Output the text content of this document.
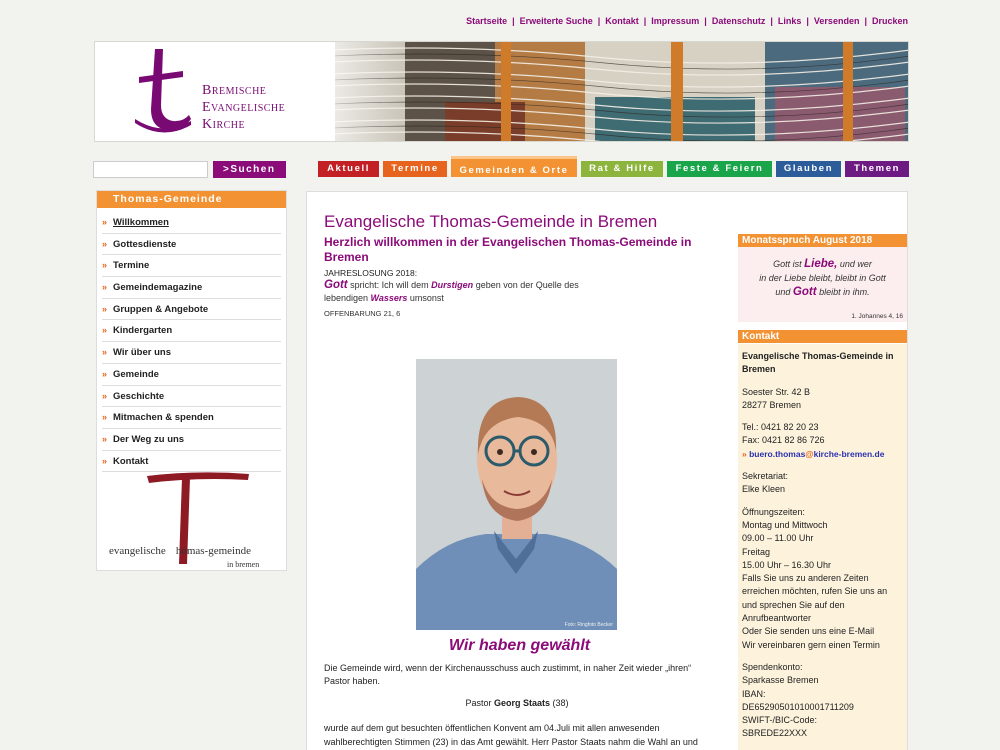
Startseite | Erweiterte Suche | Kontakt | Impressum | Datenschutz | Links | Versenden | Drucken
Bremische
Evangelische
Kirche
>Suchen	Aktuell	Termine	Gemeinden & Orte	Rat & Hilfe	Feste & Feiern	Glauben	Themen
Thomas-Gemeinde
» Willkommen
» Gottesdienste
» Termine
» Gemeindemagazine
» Gruppen & Angebote
» Kindergarten
» Wir über uns
» Gemeinde
» Geschichte
» Mitmachen & spenden
» Der Weg zu uns
» Kontakt
evangelische homas-gemeinde
in bremen
Evangelische Thomas-Gemeinde in Bremen
Herzlich willkommen in der Evangelischen Thomas-Gemeinde in Bremen
JAHRESLOSUNG 2018:
Gott spricht: Ich will dem Durstigen geben von der Quelle des lebendigen Wassers umsonst
OFFENBARUNG 21, 6
Foto: Ringfoto Becker
Wir haben gewählt
Die Gemeinde wird, wenn der Kirchenausschuss auch zustimmt, in naher Zeit wieder „ihren“ Pastor haben.
Pastor Georg Staats (38)
wurde auf dem gut besuchten öffentlichen Konvent am 04.Juli mit allen anwesenden wahlberechtigten Stimmen (23) in das Amt gewählt. Herr Pastor Staats nahm die Wahl an und
Monatsspruch August 2018
Gott ist Liebe, und wer
in der Liebe bleibt, bleibt in Gott
und Gott bleibt in ihm.
1. Johannes 4, 16
Kontakt
Evangelische Thomas-Gemeinde in Bremen
Soester Str. 42 B
28277 Bremen
Tel.: 0421 82 20 23
Fax: 0421 82 86 726
» buero.thomas@kirche-bremen.de
Sekretariat:
Elke Kleen
Öffnungszeiten:
Montag und Mittwoch
09.00 – 11.00 Uhr
Freitag
15.00 Uhr – 16.30 Uhr
Falls Sie uns zu anderen Zeiten erreichen möchten, rufen Sie uns an und sprechen Sie auf den Anrufbeantworter
Oder Sie senden uns eine E-Mail
Wir vereinbaren gern einen Termin
Spendenkonto:
Sparkasse Bremen
IBAN:
DE65290501010001711209
SWIFT-/BIC-Code:
SBREDE22XXX
